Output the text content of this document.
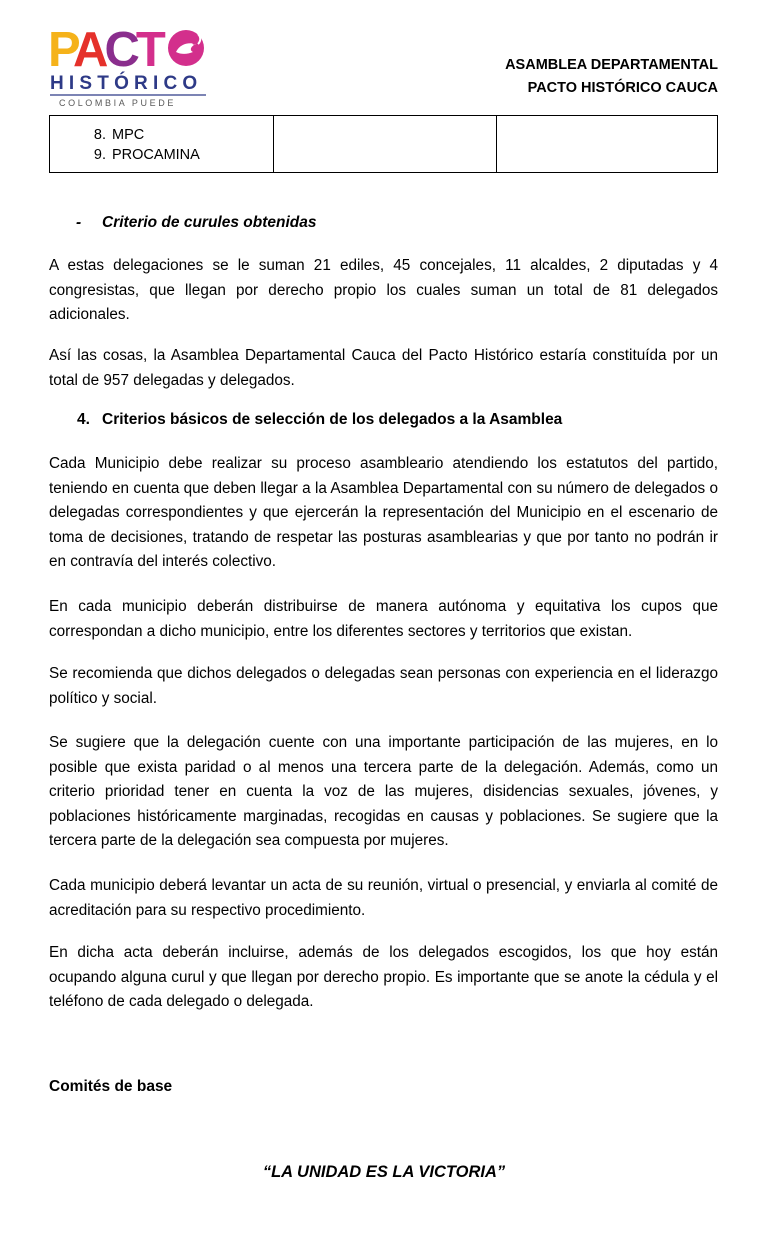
PACT
HISTÓRICO
COLOMBIA PUEDE
ASAMBLEA DEPARTAMENTAL
PACTO HISTÓRICO CAUCA
8. MPC
9. PROCAMINA

-	Criterio de curules obtenidas

A estas delegaciones se le suman 21 ediles, 45 concejales, 11 alcaldes, 2 diputadas y 4 congresistas, que llegan por derecho propio los cuales suman un total de 81 delegados adicionales.

Así las cosas, la Asamblea Departamental Cauca del Pacto Histórico estaría constituída por un total de 957 delegadas y delegados.

4. Criterios básicos de selección de los delegados a la Asamblea

Cada Municipio debe realizar su proceso asambleario atendiendo los estatutos del partido, teniendo en cuenta que deben llegar a la Asamblea Departamental con su número de delegados o delegadas correspondientes y que ejercerán la representación del Municipio en el escenario de toma de decisiones, tratando de respetar las posturas asamblearias y que por tanto no podrán ir en contravía del interés colectivo.

En cada municipio deberán distribuirse de manera autónoma y equitativa los cupos que correspondan a dicho municipio, entre los diferentes sectores y territorios que existan.

Se recomienda que dichos delegados o delegadas sean personas con experiencia en el liderazgo político y social.

Se sugiere que la delegación cuente con una importante participación de las mujeres, en lo posible que exista paridad o al menos una tercera parte de la delegación. Además, como un criterio prioridad tener en cuenta la voz de las mujeres, disidencias sexuales, jóvenes, y poblaciones históricamente marginadas, recogidas en causas y poblaciones. Se sugiere que la tercera parte de la delegación sea compuesta por mujeres.

Cada municipio deberá levantar un acta de su reunión, virtual o presencial, y enviarla al comité de acreditación para su respectivo procedimiento.

En dicha acta deberán incluirse, además de los delegados escogidos, los que hoy están ocupando alguna curul y que llegan por derecho propio. Es importante que se anote la cédula y el teléfono de cada delegado o delegada.

Comités de base
“LA UNIDAD ES LA VICTORIA”
